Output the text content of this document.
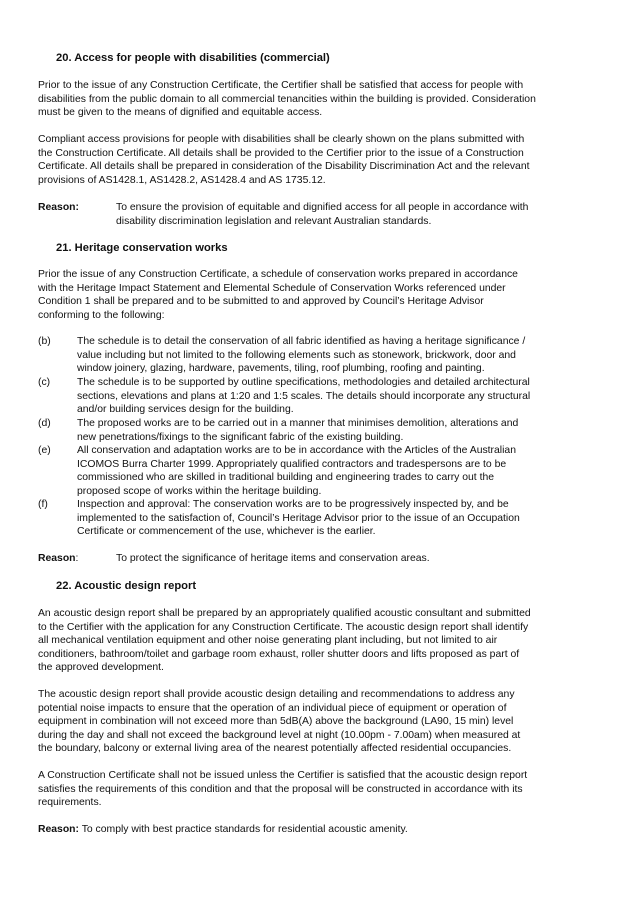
20. Access for people with disabilities (commercial)
Prior to the issue of any Construction Certificate, the Certifier shall be satisfied that access for people with
disabilities from the public domain to all commercial tenancities within the building is provided. Consideration
must be given to the means of dignified and equitable access.
Compliant access provisions for people with disabilities shall be clearly shown on the plans submitted with
the Construction Certificate. All details shall be provided to the Certifier prior to the issue of a Construction
Certificate. All details shall be prepared in consideration of the Disability Discrimination Act and the relevant
provisions of AS1428.1, AS1428.2, AS1428.4 and AS 1735.12.
Reason:	To ensure the provision of equitable and dignified access for all people in accordance with
disability discrimination legislation and relevant Australian standards.
21. Heritage conservation works
Prior the issue of any Construction Certificate, a schedule of conservation works prepared in accordance
with the Heritage Impact Statement and Elemental Schedule of Conservation Works referenced under
Condition 1 shall be prepared and to be submitted to and approved by Council’s Heritage Advisor
conforming to the following:
(b)	The schedule is to detail the conservation of all fabric identified as having a heritage significance /
value including but not limited to the following elements such as stonework, brickwork, door and
window joinery, glazing, hardware, pavements, tiling, roof plumbing, roofing and painting.
(c)	The schedule is to be supported by outline specifications, methodologies and detailed architectural
sections, elevations and plans at 1:20 and 1:5 scales. The details should incorporate any structural
and/or building services design for the building.
(d)	The proposed works are to be carried out in a manner that minimises demolition, alterations and
new penetrations/fixings to the significant fabric of the existing building.
(e)	All conservation and adaptation works are to be in accordance with the Articles of the Australian
ICOMOS Burra Charter 1999. Appropriately qualified contractors and tradespersons are to be
commissioned who are skilled in traditional building and engineering trades to carry out the
proposed scope of works within the heritage building.
(f)	Inspection and approval: The conservation works are to be progressively inspected by, and be
implemented to the satisfaction of, Council’s Heritage Advisor prior to the issue of an Occupation
Certificate or commencement of the use, whichever is the earlier.
Reason:	To protect the significance of heritage items and conservation areas.
22. Acoustic design report
An acoustic design report shall be prepared by an appropriately qualified acoustic consultant and submitted
to the Certifier with the application for any Construction Certificate. The acoustic design report shall identify
all mechanical ventilation equipment and other noise generating plant including, but not limited to air
conditioners, bathroom/toilet and garbage room exhaust, roller shutter doors and lifts proposed as part of
the approved development.
The acoustic design report shall provide acoustic design detailing and recommendations to address any
potential noise impacts to ensure that the operation of an individual piece of equipment or operation of
equipment in combination will not exceed more than 5dB(A) above the background (LA90, 15 min) level
during the day and shall not exceed the background level at night (10.00pm - 7.00am) when measured at
the boundary, balcony or external living area of the nearest potentially affected residential occupancies.
A Construction Certificate shall not be issued unless the Certifier is satisfied that the acoustic design report
satisfies the requirements of this condition and that the proposal will be constructed in accordance with its
requirements.
Reason: To comply with best practice standards for residential acoustic amenity.
